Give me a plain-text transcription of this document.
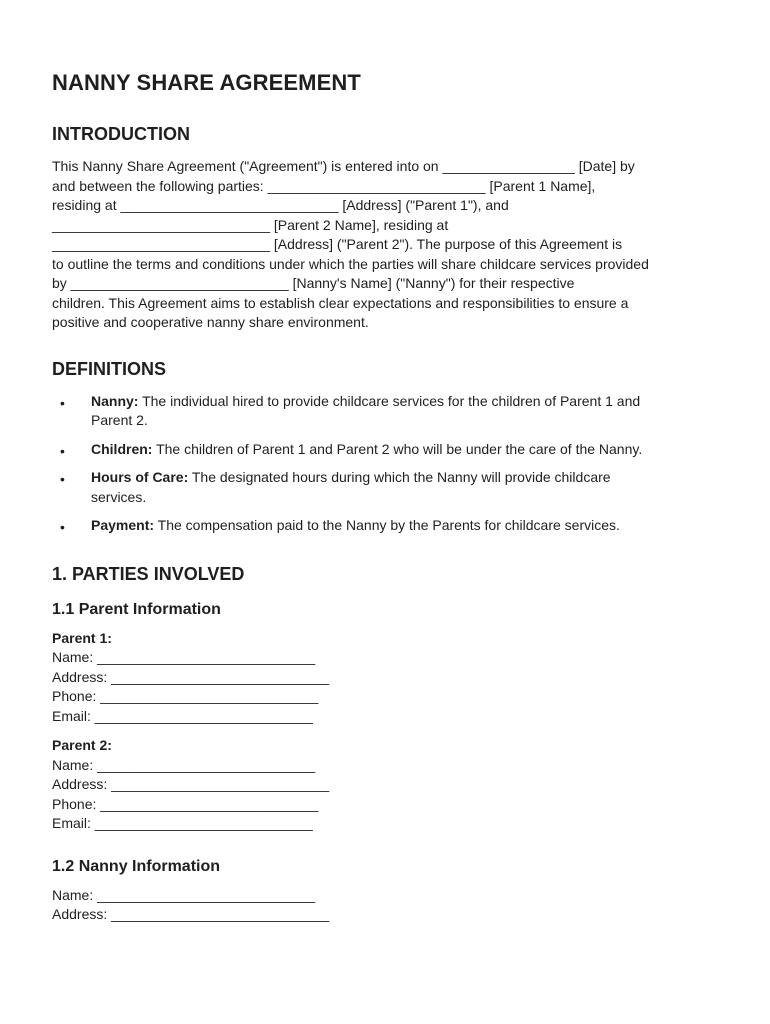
NANNY SHARE AGREEMENT
INTRODUCTION

This Nanny Share Agreement ("Agreement") is entered into on _________________ [Date] by

and between the following parties: ____________________________ [Parent 1 Name],

residing at ____________________________ [Address] ("Parent 1"), and

____________________________ [Parent 2 Name], residing at

____________________________ [Address] ("Parent 2"). The purpose of this Agreement is

to outline the terms and conditions under which the parties will share childcare services provided

by ____________________________ [Nanny's Name] ("Nanny") for their respective

children. This Agreement aims to establish clear expectations and responsibilities to ensure a

positive and cooperative nanny share environment.

DEFINITIONS
• Nanny: The individual hired to provide childcare services for the children of Parent 1 and
Parent 2.
• Children: The children of Parent 1 and Parent 2 who will be under the care of the Nanny.
• Hours of Care: The designated hours during which the Nanny will provide childcare
services.
• Payment: The compensation paid to the Nanny by the Parents for childcare services.
1. PARTIES INVOLVED
1.1 Parent Information
Parent 1:
Name: ____________________________
Address: ____________________________
Phone: ____________________________
Email: ____________________________
Parent 2:
Name: ____________________________
Address: ____________________________
Phone: ____________________________
Email: ____________________________
1.2 Nanny Information
Name: ____________________________
Address: ____________________________
